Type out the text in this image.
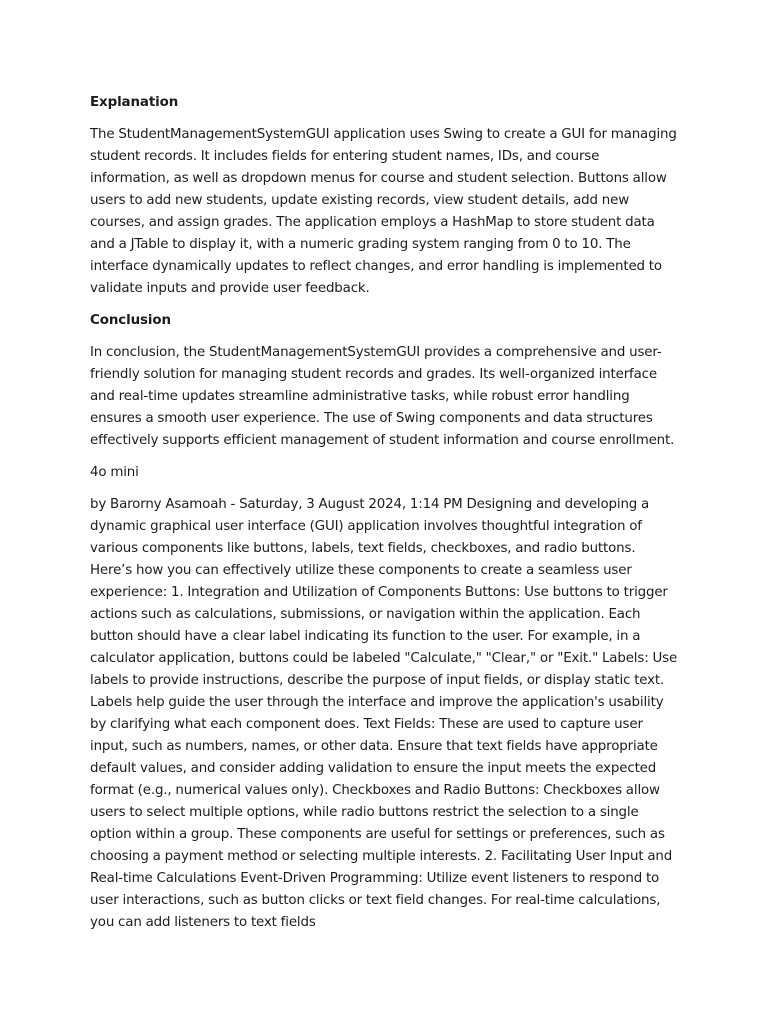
Explanation

The StudentManagementSystemGUI application uses Swing to create a GUI for managing student records. It includes fields for entering student names, IDs, and course information, as well as dropdown menus for course and student selection. Buttons allow users to add new students, update existing records, view student details, add new courses, and assign grades. The application employs a HashMap to store student data and a JTable to display it, with a numeric grading system ranging from 0 to 10. The interface dynamically updates to reflect changes, and error handling is implemented to validate inputs and provide user feedback.

Conclusion

In conclusion, the StudentManagementSystemGUI provides a comprehensive and user-friendly solution for managing student records and grades. Its well-organized interface and real-time updates streamline administrative tasks, while robust error handling ensures a smooth user experience. The use of Swing components and data structures effectively supports efficient management of student information and course enrollment.

4o mini

by Barorny Asamoah - Saturday, 3 August 2024, 1:14 PM Designing and developing a dynamic graphical user interface (GUI) application involves thoughtful integration of various components like buttons, labels, text fields, checkboxes, and radio buttons. Here’s how you can effectively utilize these components to create a seamless user experience: 1. Integration and Utilization of Components Buttons: Use buttons to trigger actions such as calculations, submissions, or navigation within the application. Each button should have a clear label indicating its function to the user. For example, in a calculator application, buttons could be labeled "Calculate," "Clear," or "Exit." Labels: Use labels to provide instructions, describe the purpose of input fields, or display static text. Labels help guide the user through the interface and improve the application's usability by clarifying what each component does. Text Fields: These are used to capture user input, such as numbers, names, or other data. Ensure that text fields have appropriate default values, and consider adding validation to ensure the input meets the expected format (e.g., numerical values only). Checkboxes and Radio Buttons: Checkboxes allow users to select multiple options, while radio buttons restrict the selection to a single option within a group. These components are useful for settings or preferences, such as choosing a payment method or selecting multiple interests. 2. Facilitating User Input and Real-time Calculations Event-Driven Programming: Utilize event listeners to respond to user interactions, such as button clicks or text field changes. For real-time calculations, you can add listeners to text fields
